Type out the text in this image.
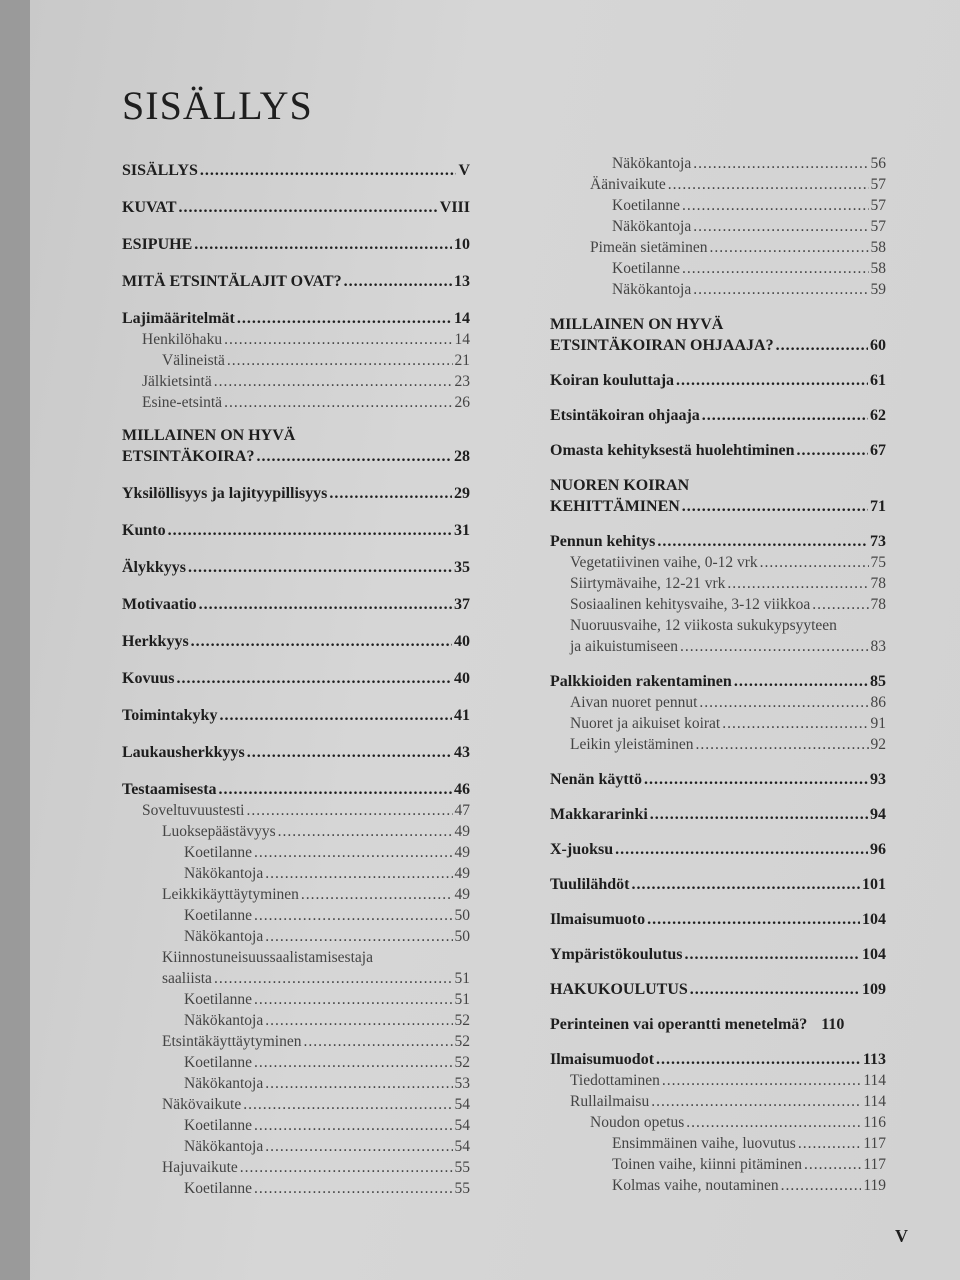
SISÄLLYS
SISÄLLYS .....	V
KUVAT .....	VIII
ESIPUHE .....	10
MITÄ ETSINTÄLAJIT OVAT? .....	13
Lajimääritelmät .....	14
Henkilöhaku .....	14
Välineistä .....	21
Jälkietsintä .....	23
Esine-etsintä .....	26
MILLAINEN ON HYVÄ
ETSINTÄKOIRA? .....	28
Yksilöllisyys ja lajityypillisyys .....	29
Kunto .....	31
Älykkyys .....	35
Motivaatio .....	37
Herkkyys .....	40
Kovuus .....	40
Toimintakyky .....	41
Laukausherkkyys .....	43
Testaamisesta .....	46
Soveltuvuustesti .....	47
Luoksepäästävyys .....	49
Koetilanne .....	49
Näkökantoja .....	49
Leikkikäyttäytyminen .....	49
Koetilanne .....	50
Näkökantoja .....	50
Kiinnostuneisuussaalistamisestaja
saaliista .....	51
Koetilanne .....	51
Näkökantoja .....	52
Etsintäkäyttäytyminen .....	52
Koetilanne .....	52
Näkökantoja .....	53
Näkövaikute .....	54
Koetilanne .....	54
Näkökantoja .....	54
Hajuvaikute .....	55
Koetilanne .....	55
Näkökantoja .....	56
Äänivaikute .....	57
Koetilanne .....	57
Näkökantoja .....	57
Pimeän sietäminen .....	58
Koetilanne .....	58
Näkökantoja .....	59
MILLAINEN ON HYVÄ
ETSINTÄKOIRAN OHJAAJA? .....	60
Koiran kouluttaja .....	61
Etsintäkoiran ohjaaja .....	62
Omasta kehityksestä huolehtiminen .....	67
NUOREN KOIRAN
KEHITTÄMINEN .....	71
Pennun kehitys .....	73
Vegetatiivinen vaihe, 0-12 vrk .....	75
Siirtymävaihe, 12-21 vrk .....	78
Sosiaalinen kehitysvaihe, 3-12 viikkoa .....	78
Nuoruusvaihe, 12 viikosta sukukypsyyteen
ja aikuistumiseen .....	83
Palkkioiden rakentaminen .....	85
Aivan nuoret pennut .....	86
Nuoret ja aikuiset koirat .....	91
Leikin yleistäminen .....	92
Nenän käyttö .....	93
Makkararinki .....	94
X-juoksu .....	96
Tuulilähdöt .....	101
Ilmaisumuoto .....	104
Ympäristökoulutus .....	104
HAKUKOULUTUS .....	109
Perinteinen vai operantti menetelmä? 110
Ilmaisumuodot .....	113
Tiedottaminen .....	114
Rullailmaisu .....	114
Noudon opetus .....	116
Ensimmäinen vaihe, luovutus .....	117
Toinen vaihe, kiinni pitäminen .....	117
Kolmas vaihe, noutaminen .....	119
V
